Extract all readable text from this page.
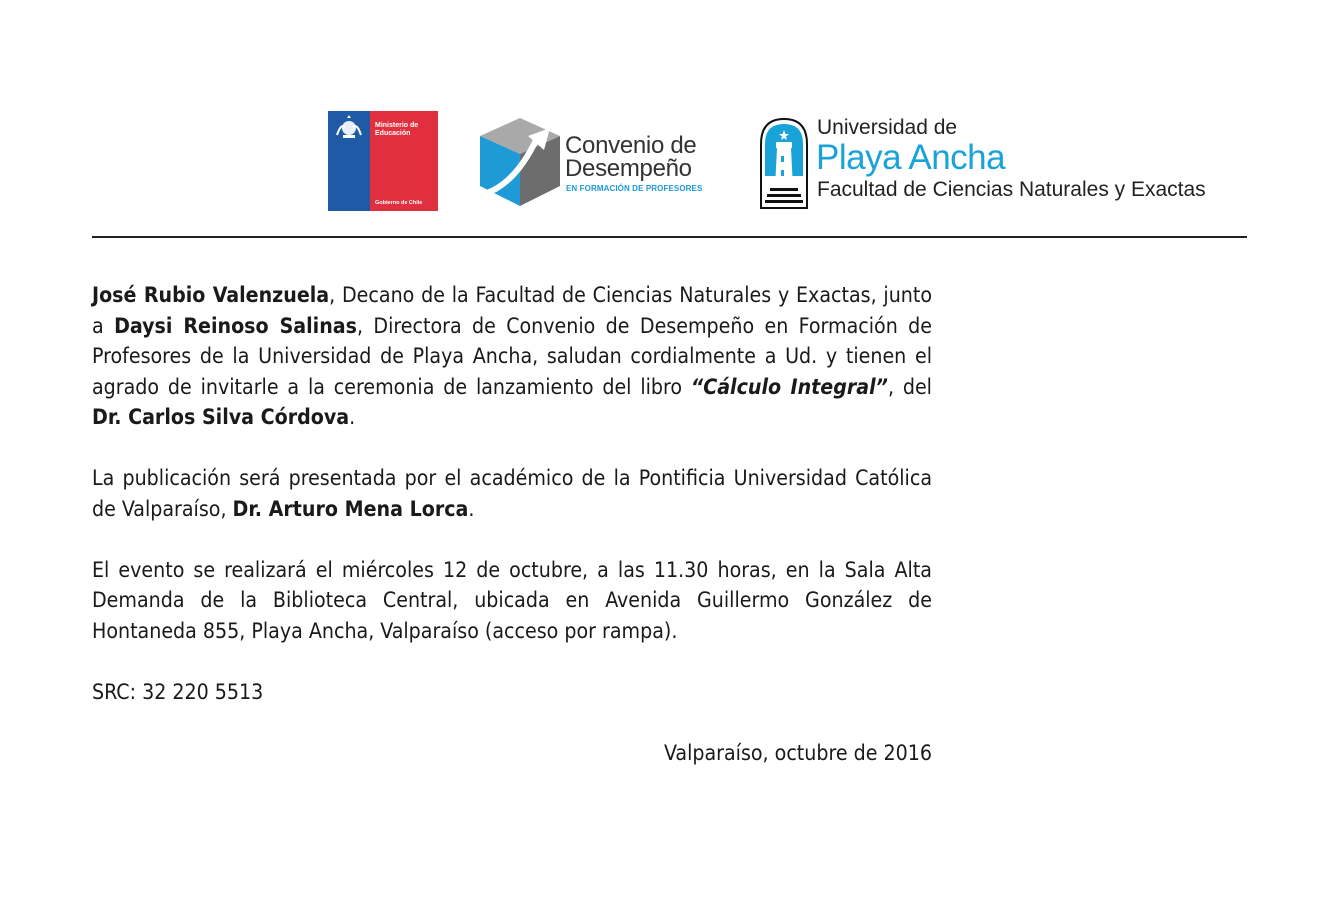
Ministerio de
Educación
Gobierno de Chile
Convenio de
Desempeño
EN FORMACIÓN DE PROFESORES
Universidad de
Playa Ancha
Facultad de Ciencias Naturales y Exactas

José Rubio Valenzuela, Decano de la Facultad de Ciencias Naturales y Exactas, junto a Daysi Reinoso Salinas, Directora de Convenio de Desempeño en Formación de Profesores de la Universidad de Playa Ancha, saludan cordialmente a Ud. y tienen el agrado de invitarle a la ceremonia de lanzamiento del libro “Cálculo Integral”, del Dr. Carlos Silva Córdova.

La publicación será presentada por el académico de la Pontificia Universidad Católica de Valparaíso, Dr. Arturo Mena Lorca.

El evento se realizará el miércoles 12 de octubre, a las 11.30 horas, en la Sala Alta Demanda de la Biblioteca Central, ubicada en Avenida Guillermo González de Hontaneda 855, Playa Ancha, Valparaíso (acceso por rampa).

SRC: 32 220 5513

Valparaíso, octubre de 2016
